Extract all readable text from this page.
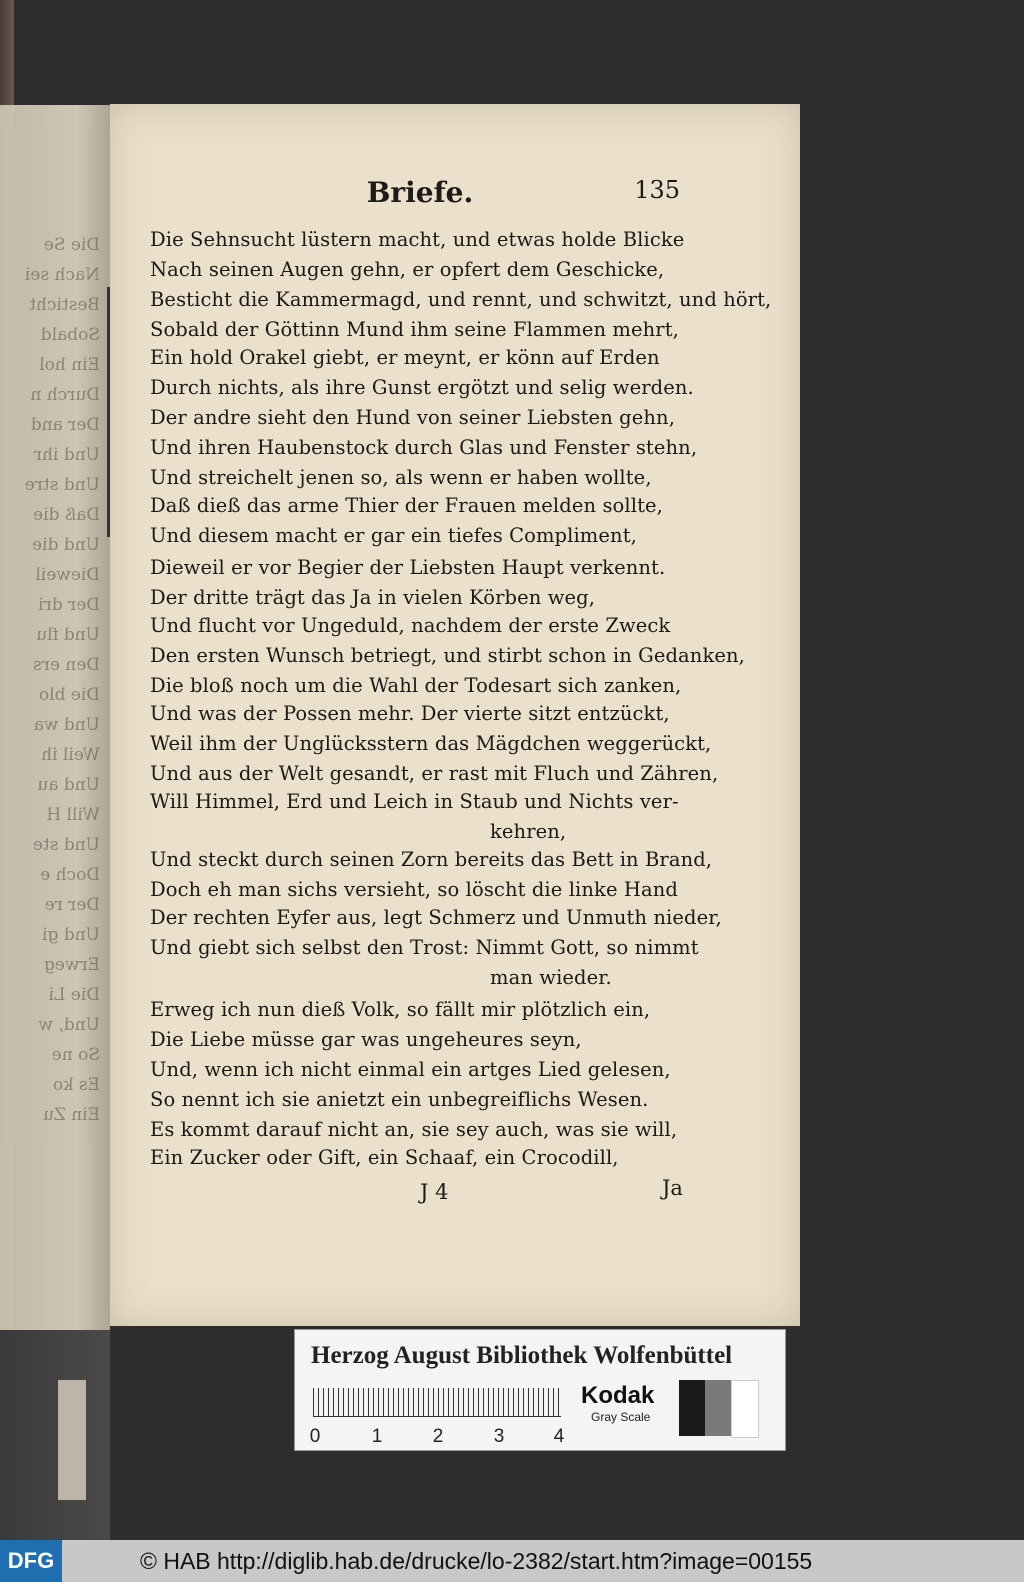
Die Se
Nach sei
Besticht
Sobald
Ein hol
Durch n
Der and
Und ihr
Und stre
Daß die
Und die
Dieweil
Der dri
Und flu
Den ers
Die blo
Und wa
Weil ih
Und au
Will H
Und ste
Doch e
Der re
Und gi
Erweg
Die Li
Und, w
So ne
Es ko
Ein Zu
Briefe.	135
Die Sehnsucht lüstern macht, und etwas holde Blicke
Nach seinen Augen gehn, er opfert dem Geschicke,
Besticht die Kammermagd, und rennt, und schwitzt, und hört,
Sobald der Göttinn Mund ihm seine Flammen mehrt,
Ein hold Orakel giebt, er meynt, er könn auf Erden
Durch nichts, als ihre Gunst ergötzt und selig werden.
Der andre sieht den Hund von seiner Liebsten gehn,
Und ihren Haubenstock durch Glas und Fenster stehn,
Und streichelt jenen so, als wenn er haben wollte,
Daß dieß das arme Thier der Frauen melden sollte,
Und diesem macht er gar ein tiefes Compliment,
Dieweil er vor Begier der Liebsten Haupt verkennt.
Der dritte trägt das Ja in vielen Körben weg,
Und flucht vor Ungeduld, nachdem der erste Zweck
Den ersten Wunsch betriegt, und stirbt schon in Gedanken,
Die bloß noch um die Wahl der Todesart sich zanken,
Und was der Possen mehr. Der vierte sitzt entzückt,
Weil ihm der Unglücksstern das Mägdchen weggerückt,
Und aus der Welt gesandt, er rast mit Fluch und Zähren,
Will Himmel, Erd und Leich in Staub und Nichts ver-
kehren,
Und steckt durch seinen Zorn bereits das Bett in Brand,
Doch eh man sichs versieht, so löscht die linke Hand
Der rechten Eyfer aus, legt Schmerz und Unmuth nieder,
Und giebt sich selbst den Trost: Nimmt Gott, so nimmt
man wieder.
Erweg ich nun dieß Volk, so fällt mir plötzlich ein,
Die Liebe müsse gar was ungeheures seyn,
Und, wenn ich nicht einmal ein artges Lied gelesen,
So nennt ich sie anietzt ein unbegreiflichs Wesen.
Es kommt darauf nicht an, sie sey auch, was sie will,
Ein Zucker oder Gift, ein Schaaf, ein Crocodill,
J 4	Ja
Herzog August Bibliothek Wolfenbüttel
0	1	2	3	4
Kodak
Gray Scale
DFG	© HAB http://diglib.hab.de/drucke/lo-2382/start.htm?image=00155
